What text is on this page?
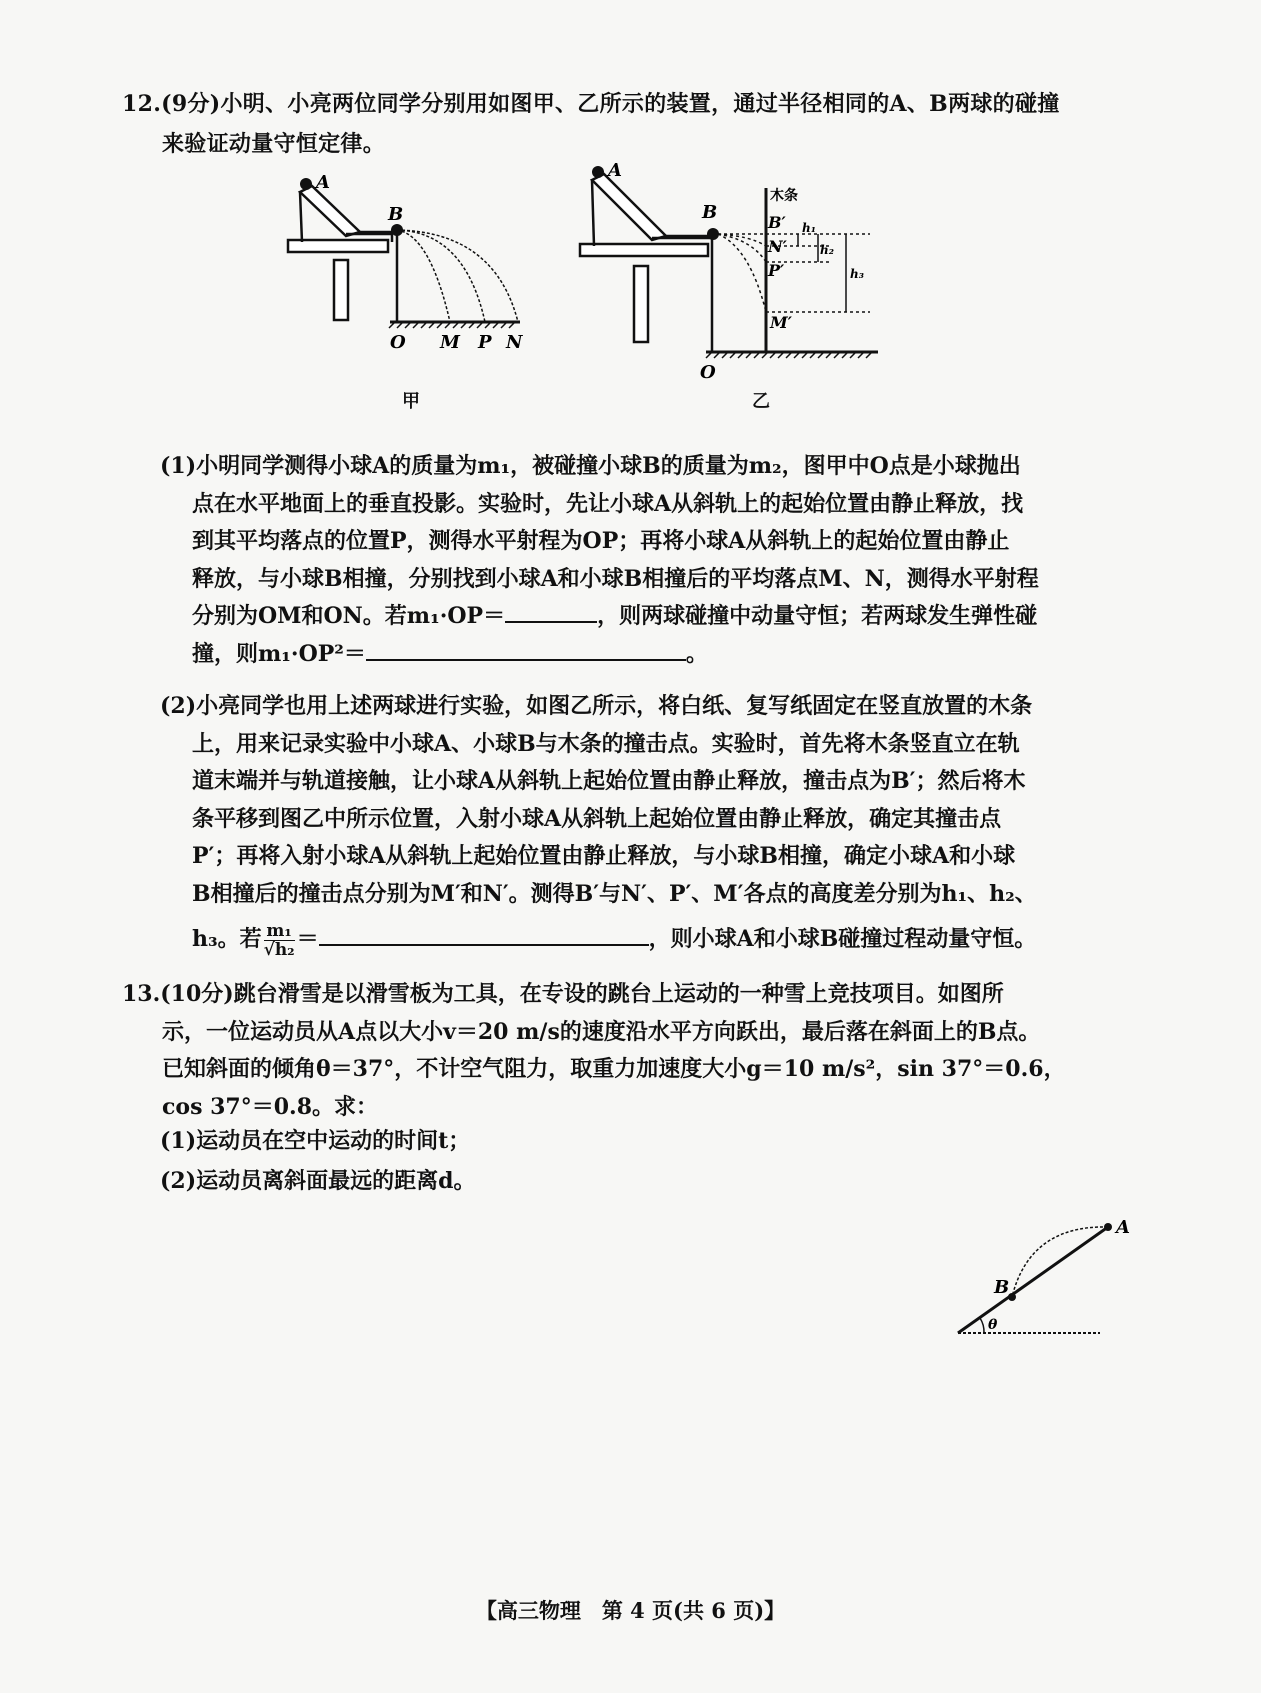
12.(9分)小明、小亮两位同学分别用如图甲、乙所示的装置，通过半径相同的A、B两球的碰撞
来验证动量守恒定律。
A
B
O M P N
甲
木条
A
B	B′
N′
P′
M′
h₁
h₂
h₃
O
乙
(1)小明同学测得小球A的质量为m₁，被碰撞小球B的质量为m₂，图甲中O点是小球抛出
点在水平地面上的垂直投影。实验时，先让小球A从斜轨上的起始位置由静止释放，找
到其平均落点的位置P，测得水平射程为OP；再将小球A从斜轨上的起始位置由静止
释放，与小球B相撞，分别找到小球A和小球B相撞后的平均落点M、N，测得水平射程
分别为OM和ON。若m₁·OP＝	，则两球碰撞中动量守恒；若两球发生弹性碰
撞，则m₁·OP²＝	。
(2)小亮同学也用上述两球进行实验，如图乙所示，将白纸、复写纸固定在竖直放置的木条
上，用来记录实验中小球A、小球B与木条的撞击点。实验时，首先将木条竖直立在轨
道末端并与轨道接触，让小球A从斜轨上起始位置由静止释放，撞击点为B′；然后将木
条平移到图乙中所示位置，入射小球A从斜轨上起始位置由静止释放，确定其撞击点
P′；再将入射小球A从斜轨上起始位置由静止释放，与小球B相撞，确定小球A和小球
B相撞后的撞击点分别为M′和N′。测得B′与N′、P′、M′各点的高度差分别为h₁、h₂、
h₃。若 $\frac{\text{m₁}}{\text{√h₂}}$ ＝	，则小球A和小球B碰撞过程动量守恒。
13.(10分)跳台滑雪是以滑雪板为工具，在专设的跳台上运动的一种雪上竞技项目。如图所
示，一位运动员从A点以大小v＝20 m/s的速度沿水平方向跃出，最后落在斜面上的B点。
已知斜面的倾角θ＝37°，不计空气阻力，取重力加速度大小g＝10 m/s²，sin 37°＝0.6，
cos 37°＝0.8。求：
(1)运动员在空中运动的时间t；
(2)运动员离斜面最远的距离d。
A
B
θ
【高三物理　第 4 页(共 6 页)】
